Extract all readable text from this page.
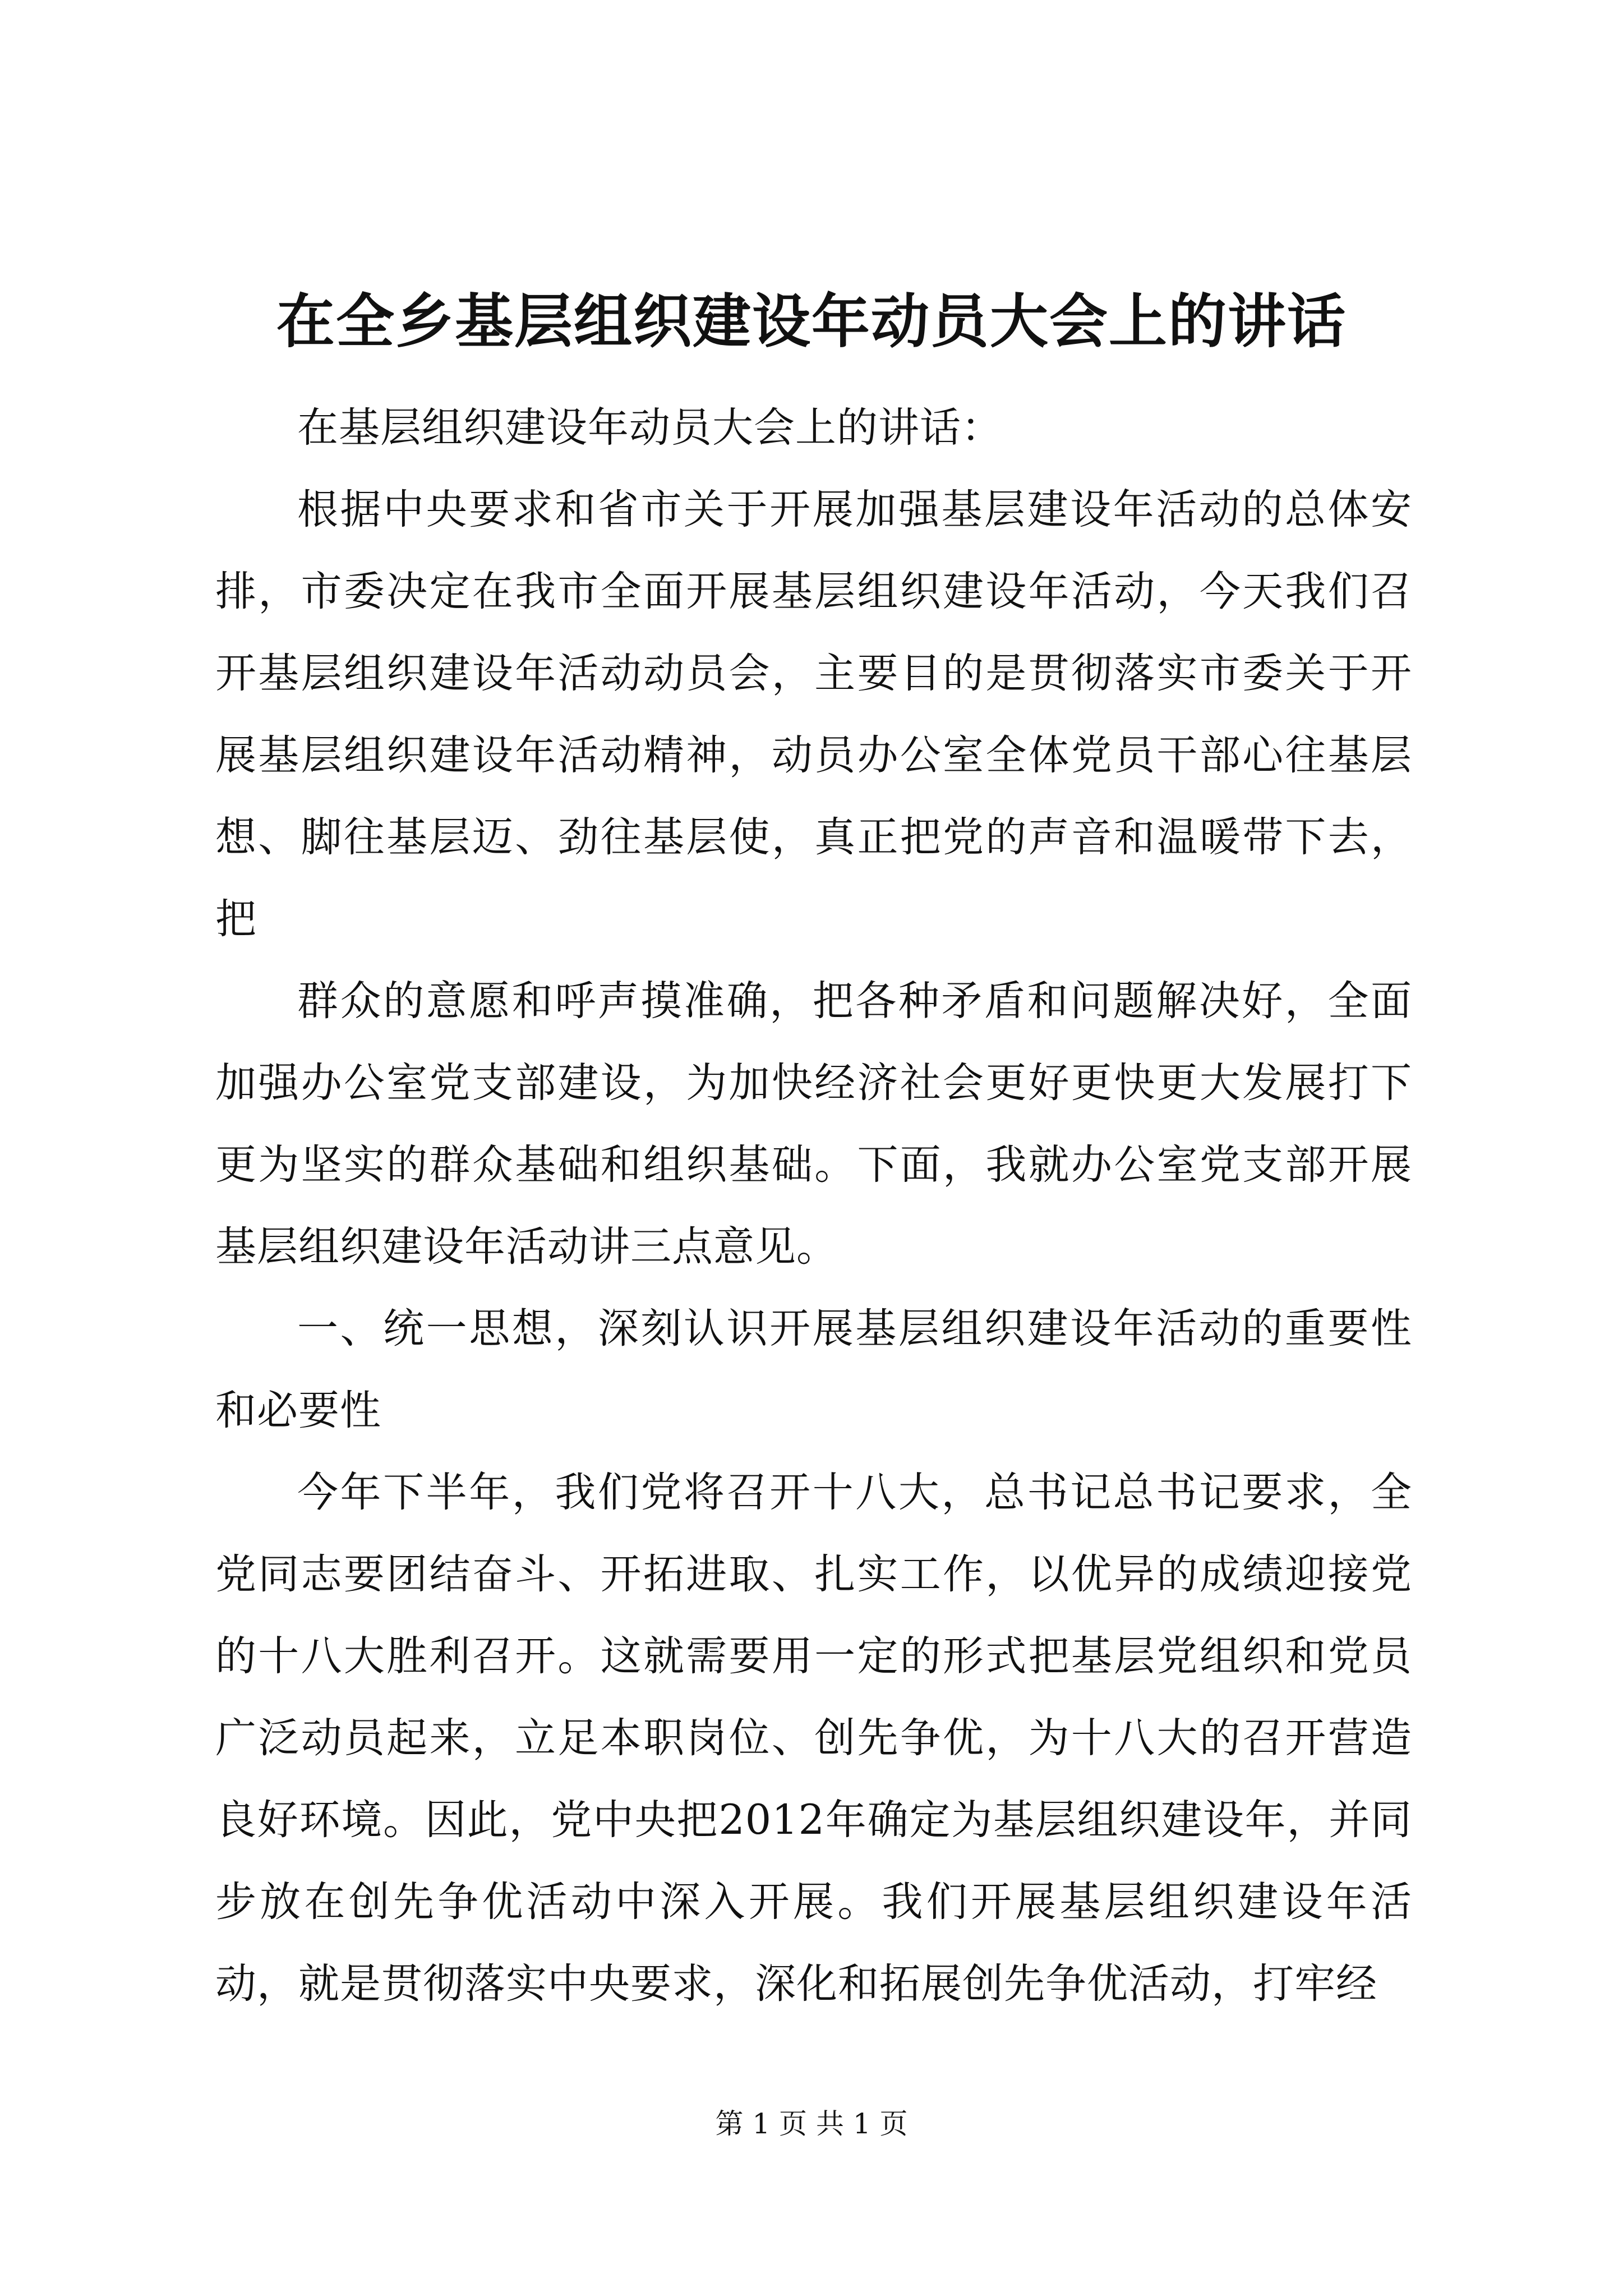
在全乡基层组织建设年动员大会上的讲话

在基层组织建设年动员大会上的讲话：

根据中央要求和省市关于开展加强基层建设年活动的总体安排，市委决定在我市全面开展基层组织建设年活动，今天我们召开基层组织建设年活动动员会，主要目的是贯彻落实市委关于开展基层组织建设年活动精神，动员办公室全体党员干部心往基层想、脚往基层迈、劲往基层使，真正把党的声音和温暖带下去，把

群众的意愿和呼声摸准确，把各种矛盾和问题解决好，全面加强办公室党支部建设，为加快经济社会更好更快更大发展打下更为坚实的群众基础和组织基础。下面，我就办公室党支部开展基层组织建设年活动讲三点意见。

一、统一思想，深刻认识开展基层组织建设年活动的重要性和必要性

今年下半年，我们党将召开十八大，总书记总书记要求，全党同志要团结奋斗、开拓进取、扎实工作，以优异的成绩迎接党的十八大胜利召开。这就需要用一定的形式把基层党组织和党员广泛动员起来，立足本职岗位、创先争优，为十八大的召开营造良好环境。因此，党中央把2012年确定为基层组织建设年，并同步放在创先争优活动中深入开展。我们开展基层组织建设年活动，就是贯彻落实中央要求，深化和拓展创先争优活动，打牢经

第 1 页 共 1 页
